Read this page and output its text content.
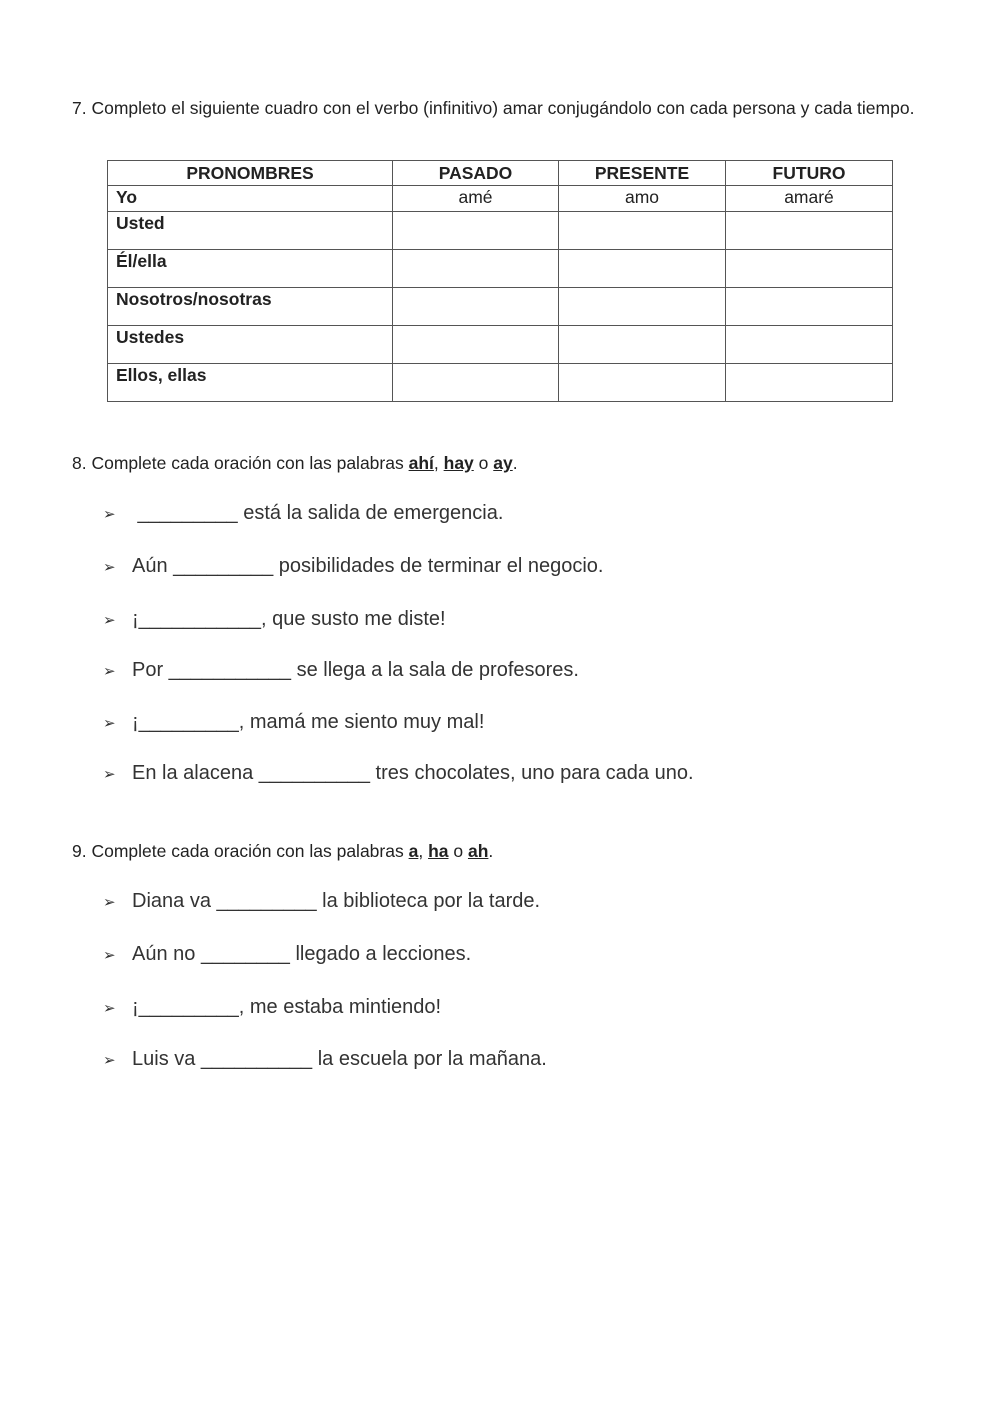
7. Completo el siguiente cuadro con el verbo (infinitivo) amar conjugándolo con cada persona y cada tiempo.
PRONOMBRES	PASADO	PRESENTE	FUTURO
Yo	amé	amo	amaré
Usted			
Él/ella			
Nosotros/nosotras			
Ustedes			
Ellos, ellas			
8. Complete cada oración con las palabras ahí, hay o ay.
➢ _________ está la salida de emergencia.
➢ Aún _________ posibilidades de terminar el negocio.
➢ ¡___________, que susto me diste!
➢ Por ___________ se llega a la sala de profesores.
➢ ¡_________, mamá me siento muy mal!
➢ En la alacena __________ tres chocolates, uno para cada uno.
9. Complete cada oración con las palabras a, ha o ah.
➢ Diana va _________ la biblioteca por la tarde.
➢ Aún no ________ llegado a lecciones.
➢ ¡_________, me estaba mintiendo!
➢ Luis va __________ la escuela por la mañana.
